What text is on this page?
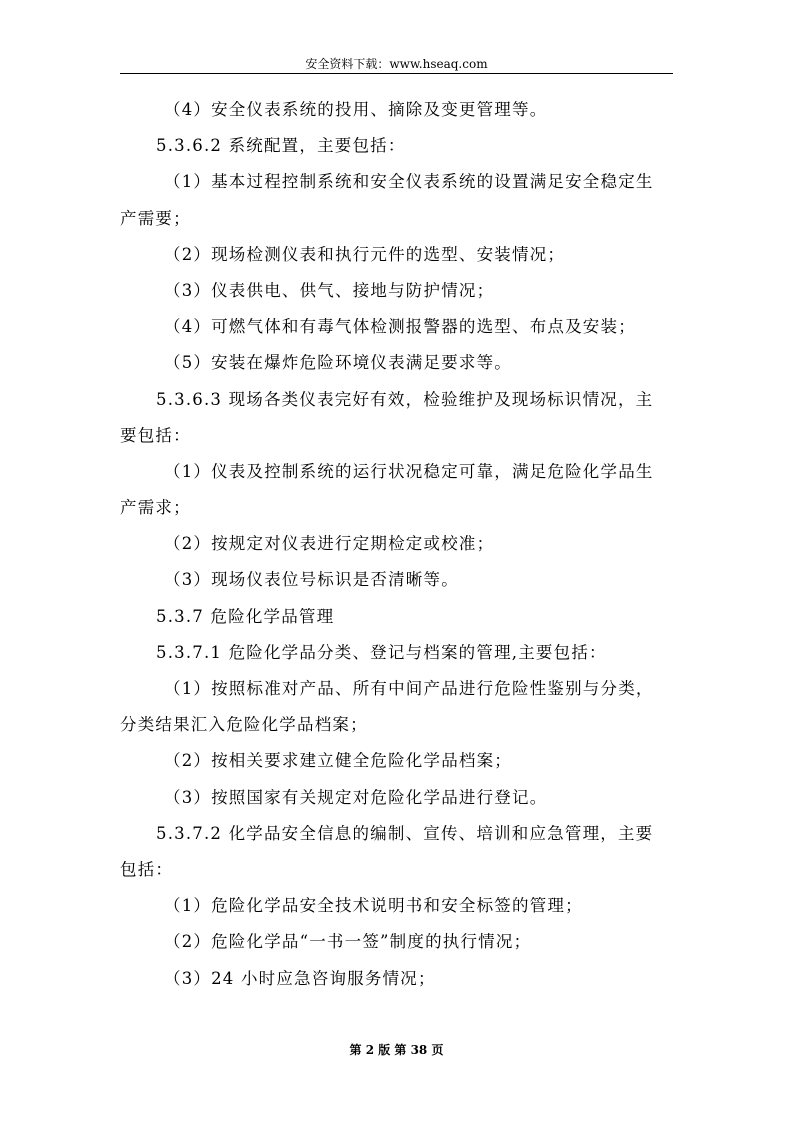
安全资料下载：www.hseaq.com
（4）安全仪表系统的投用、摘除及变更管理等。
5.3.6.2 系统配置，主要包括：
（1）基本过程控制系统和安全仪表系统的设置满足安全稳定生
产需要；
（2）现场检测仪表和执行元件的选型、安装情况；
（3）仪表供电、供气、接地与防护情况；
（4）可燃气体和有毒气体检测报警器的选型、布点及安装；
（5）安装在爆炸危险环境仪表满足要求等。
5.3.6.3 现场各类仪表完好有效，检验维护及现场标识情况，主
要包括：
（1）仪表及控制系统的运行状况稳定可靠，满足危险化学品生
产需求；
（2）按规定对仪表进行定期检定或校准；
（3）现场仪表位号标识是否清晰等。
5.3.7 危险化学品管理
5.3.7.1 危险化学品分类、登记与档案的管理,主要包括：
（1）按照标准对产品、所有中间产品进行危险性鉴别与分类，
分类结果汇入危险化学品档案；
（2）按相关要求建立健全危险化学品档案；
（3）按照国家有关规定对危险化学品进行登记。
5.3.7.2 化学品安全信息的编制、宣传、培训和应急管理，主要
包括：
（1）危险化学品安全技术说明书和安全标签的管理；
（2）危险化学品“一书一签”制度的执行情况；
（3）24 小时应急咨询服务情况；
第 2 版 第 38 页
